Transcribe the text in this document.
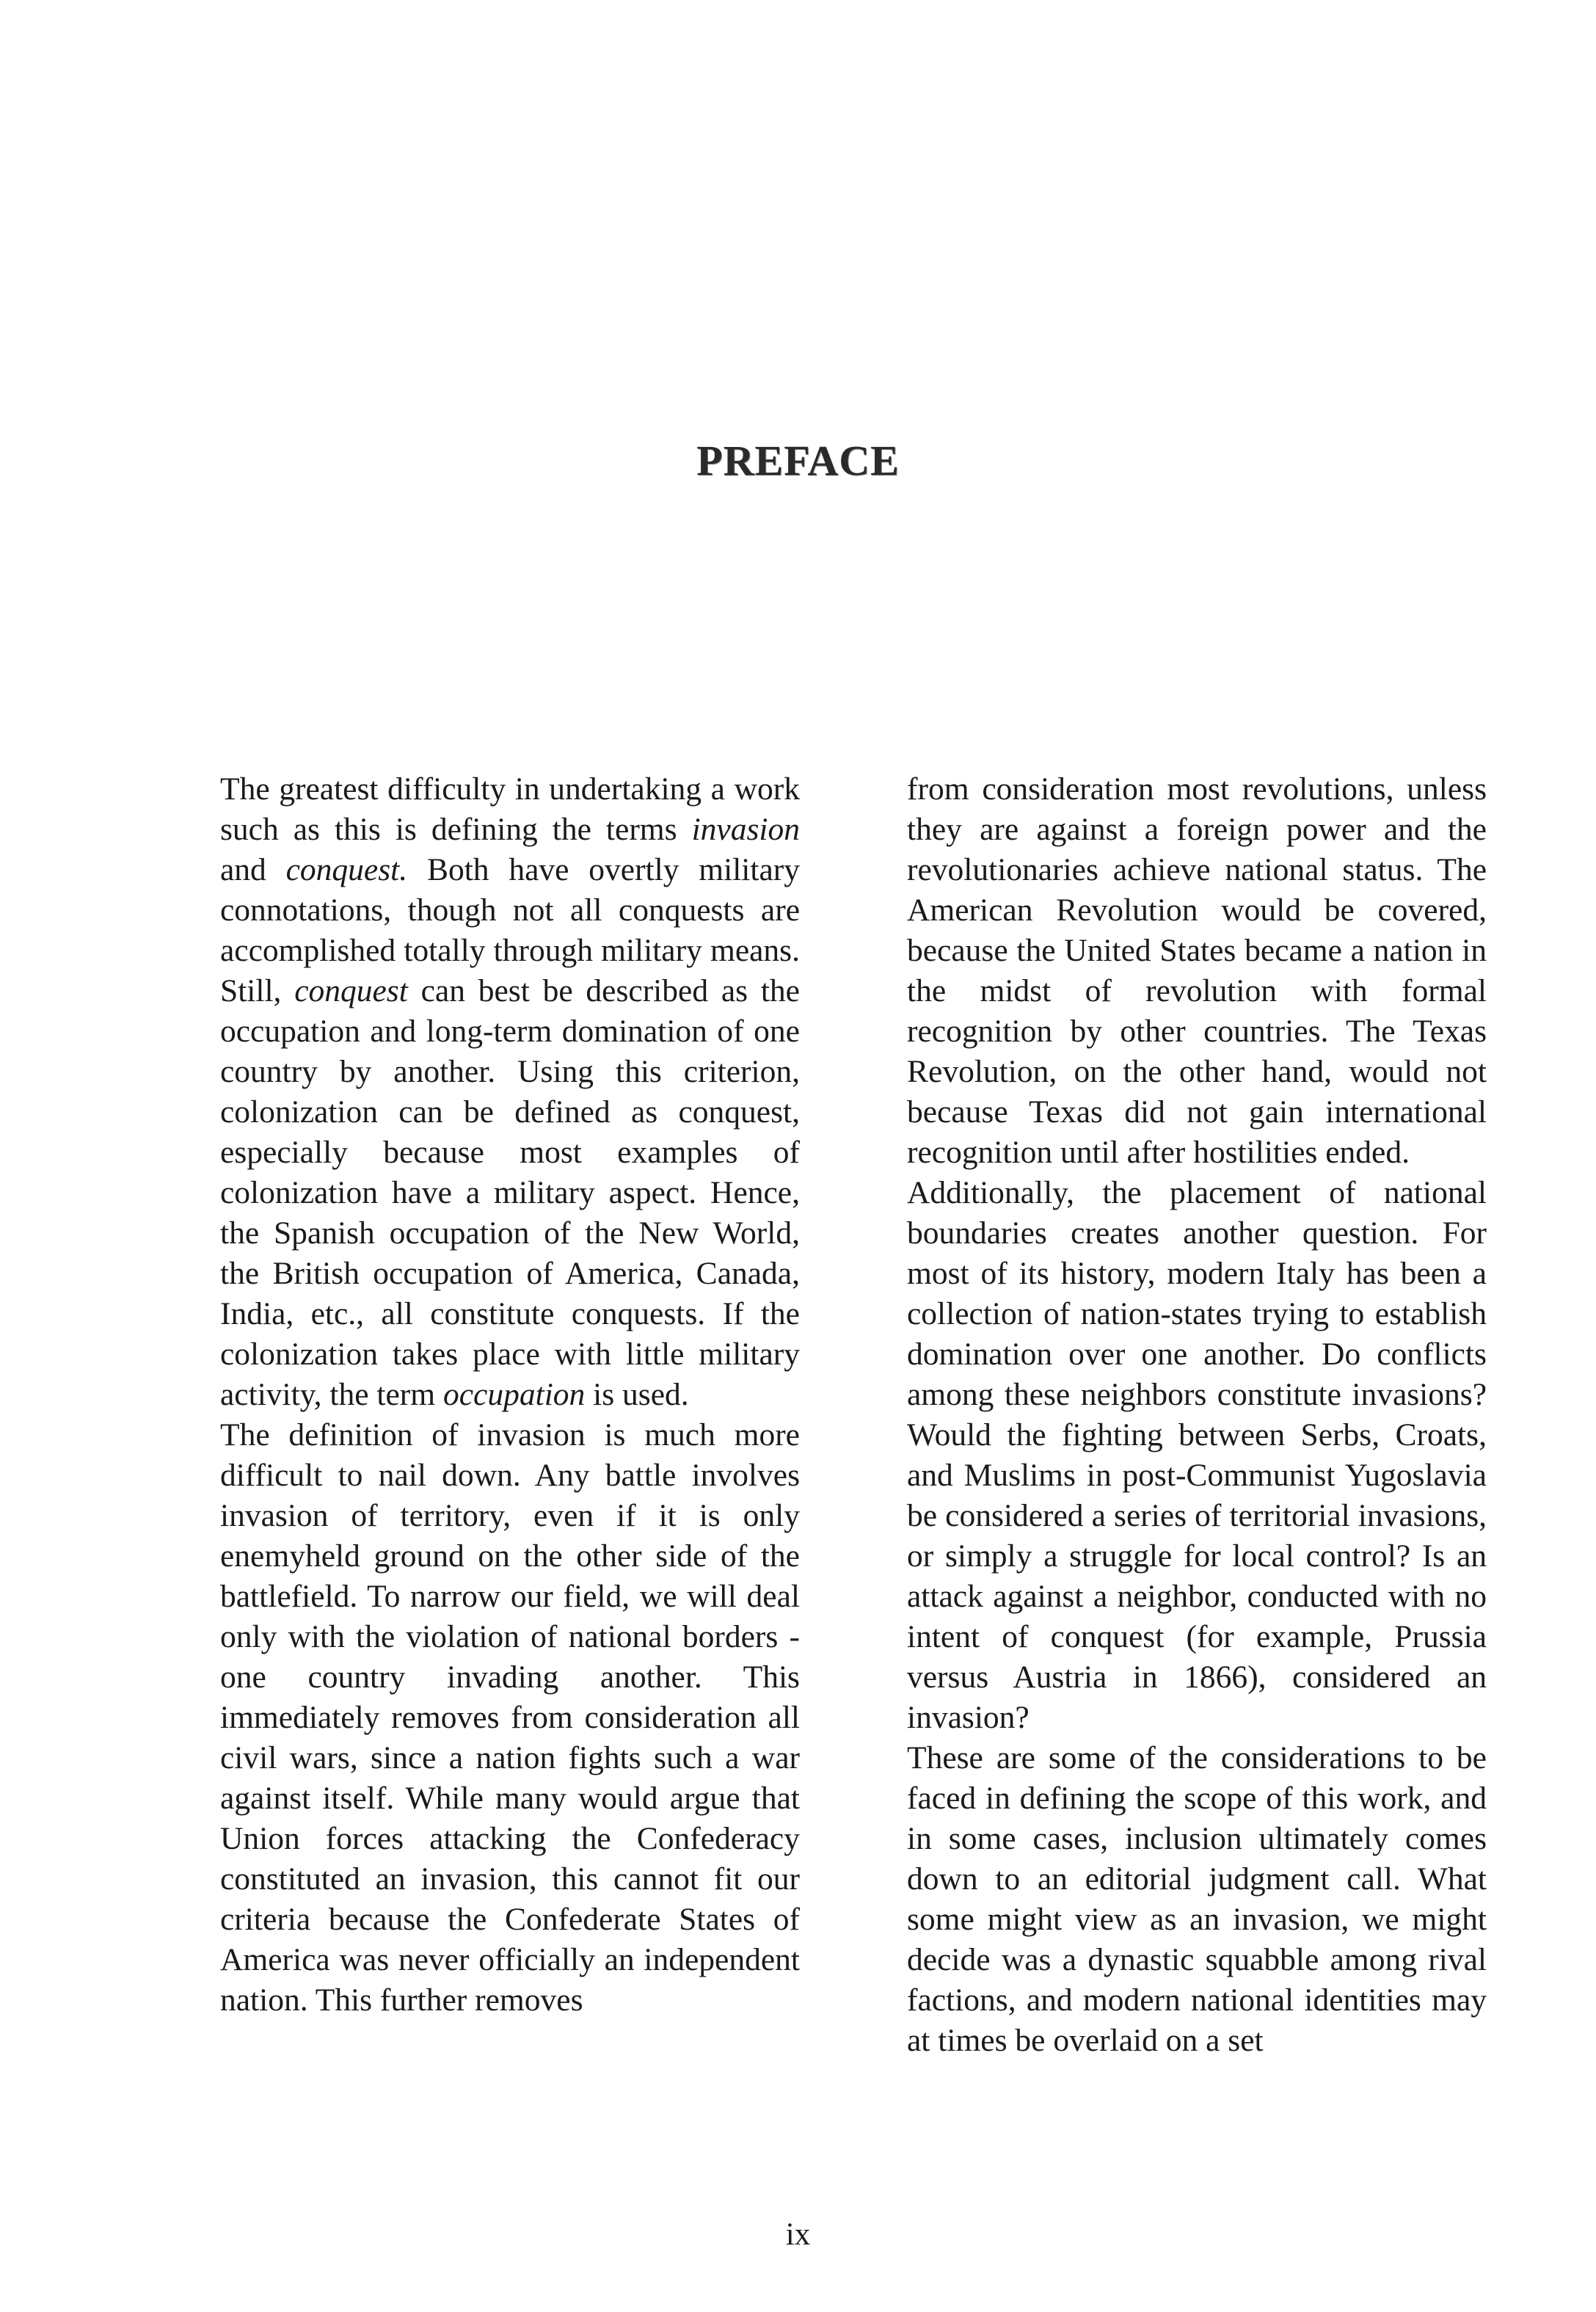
PREFACE

The greatest difficulty in undertaking a work such as this is defining the terms invasion and conquest. Both have overtly military connotations, though not all conquests are accomplished totally through military means. Still, conquest can best be described as the occupation and long-term domination of one country by another. Using this criterion, colonization can be defined as conquest, especially because most examples of colonization have a military aspect. Hence, the Spanish occupation of the New World, the British occupation of America, Canada, India, etc., all constitute conquests. If the colonization takes place with little military activity, the term occupation is used.

The definition of invasion is much more difficult to nail down. Any battle involves invasion of territory, even if it is only enemyheld ground on the other side of the battlefield. To narrow our field, we will deal only with the violation of national borders - one country invading another. This immediately removes from consideration all civil wars, since a nation fights such a war against itself. While many would argue that Union forces attacking the Confederacy constituted an invasion, this cannot fit our criteria because the Confederate States of America was never officially an independent nation. This further removes

from consideration most revolutions, unless they are against a foreign power and the revolutionaries achieve national status. The American Revolution would be covered, because the United States became a nation in the midst of revolution with formal recognition by other countries. The Texas Revolution, on the other hand, would not because Texas did not gain international recognition until after hostilities ended.

Additionally, the placement of national boundaries creates another question. For most of its history, modern Italy has been a collection of nation-states trying to establish domination over one another. Do conflicts among these neighbors constitute invasions? Would the fighting between Serbs, Croats, and Muslims in post-Communist Yugoslavia be considered a series of territorial invasions, or simply a struggle for local control? Is an attack against a neighbor, conducted with no intent of conquest (for example, Prussia versus Austria in 1866), considered an invasion?

These are some of the considerations to be faced in defining the scope of this work, and in some cases, inclusion ultimately comes down to an editorial judgment call. What some might view as an invasion, we might decide was a dynastic squabble among rival factions, and modern national identities may at times be overlaid on a set

ix
